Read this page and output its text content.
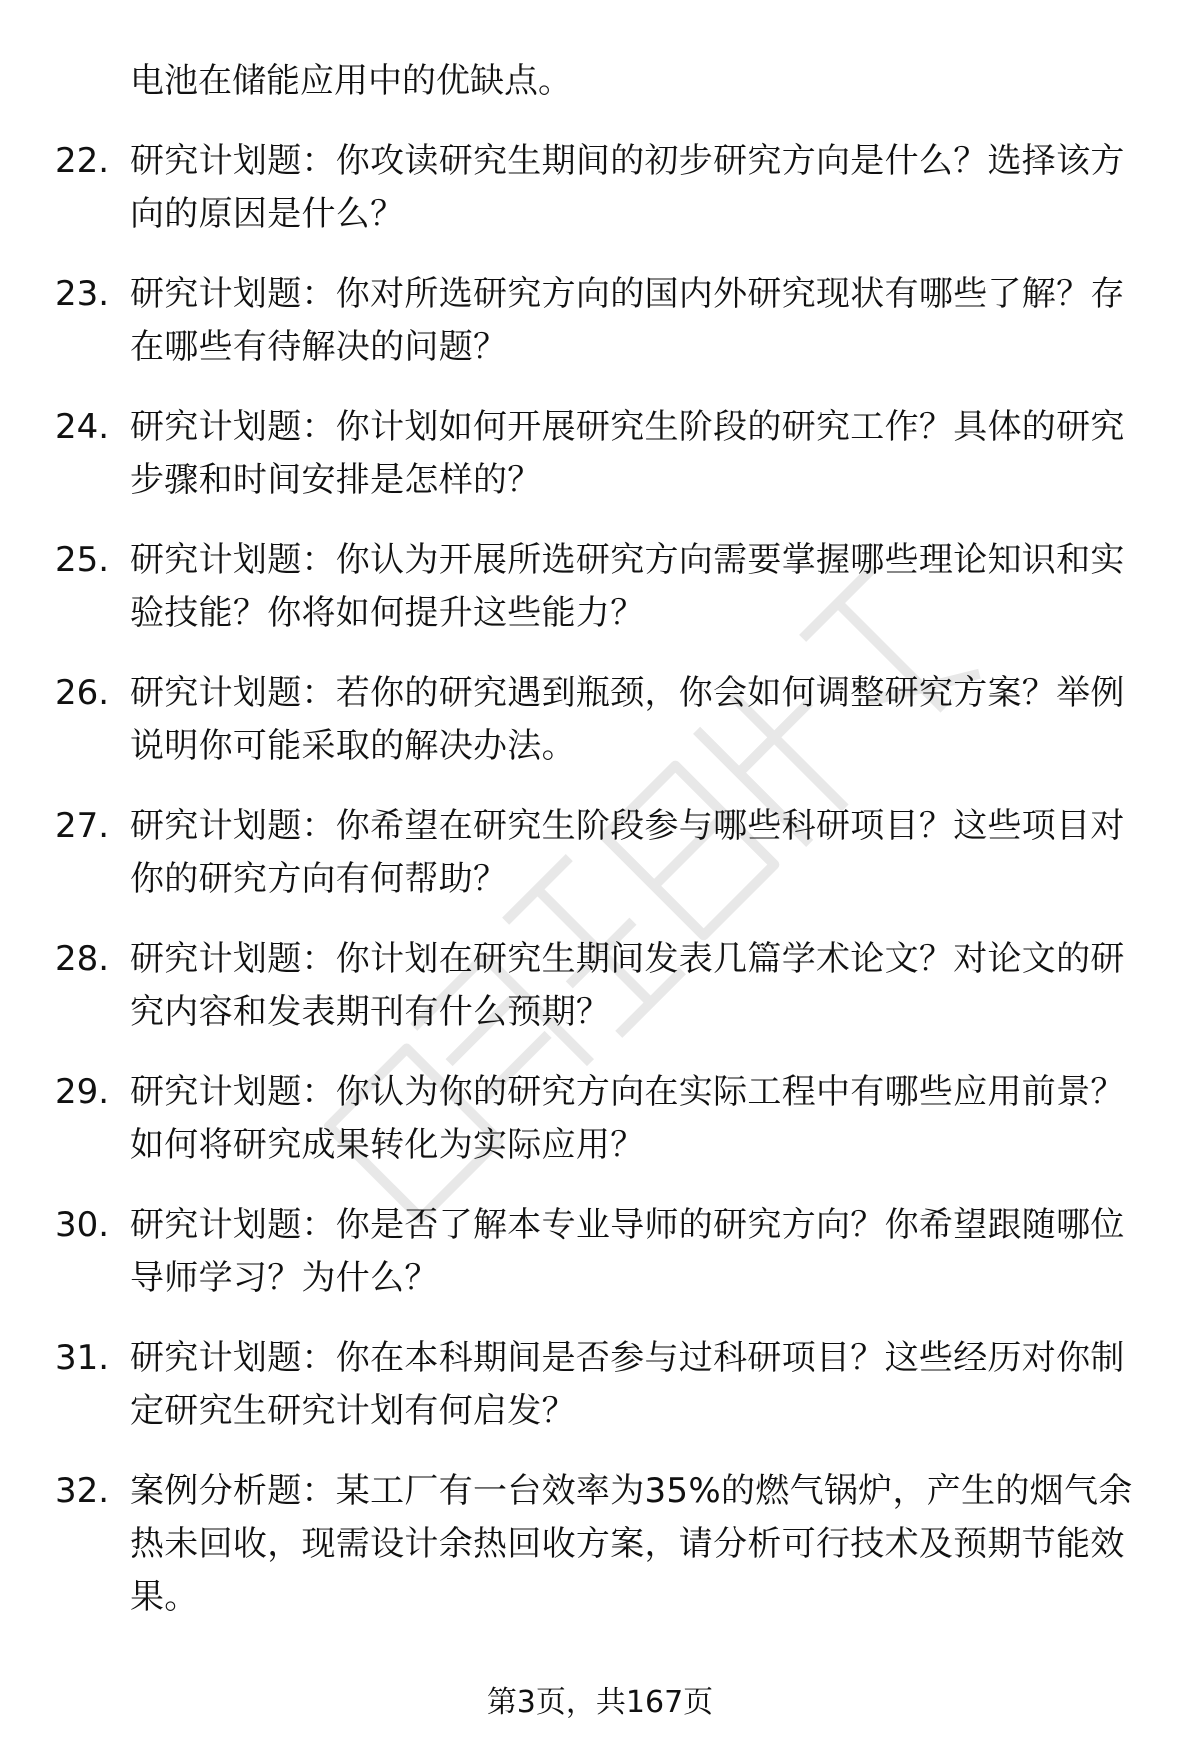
电池在储能应用中的优缺点。
22. 研究计划题：你攻读研究生期间的初步研究方向是什么？选择该方向的原因是什么？
23. 研究计划题：你对所选研究方向的国内外研究现状有哪些了解？存在哪些有待解决的问题？
24. 研究计划题：你计划如何开展研究生阶段的研究工作？具体的研究步骤和时间安排是怎样的？
25. 研究计划题：你认为开展所选研究方向需要掌握哪些理论知识和实验技能？你将如何提升这些能力？
26. 研究计划题：若你的研究遇到瓶颈，你会如何调整研究方案？举例说明你可能采取的解决办法。
27. 研究计划题：你希望在研究生阶段参与哪些科研项目？这些项目对你的研究方向有何帮助？
28. 研究计划题：你计划在研究生期间发表几篇学术论文？对论文的研究内容和发表期刊有什么预期？
29. 研究计划题：你认为你的研究方向在实际工程中有哪些应用前景？如何将研究成果转化为实际应用？
30. 研究计划题：你是否了解本专业导师的研究方向？你希望跟随哪位导师学习？为什么？
31. 研究计划题：你在本科期间是否参与过科研项目？这些经历对你制定研究生研究计划有何启发？
32. 案例分析题：某工厂有一台效率为35%的燃气锅炉，产生的烟气余热未回收，现需设计余热回收方案，请分析可行技术及预期节能效果。
第3页，共167页
